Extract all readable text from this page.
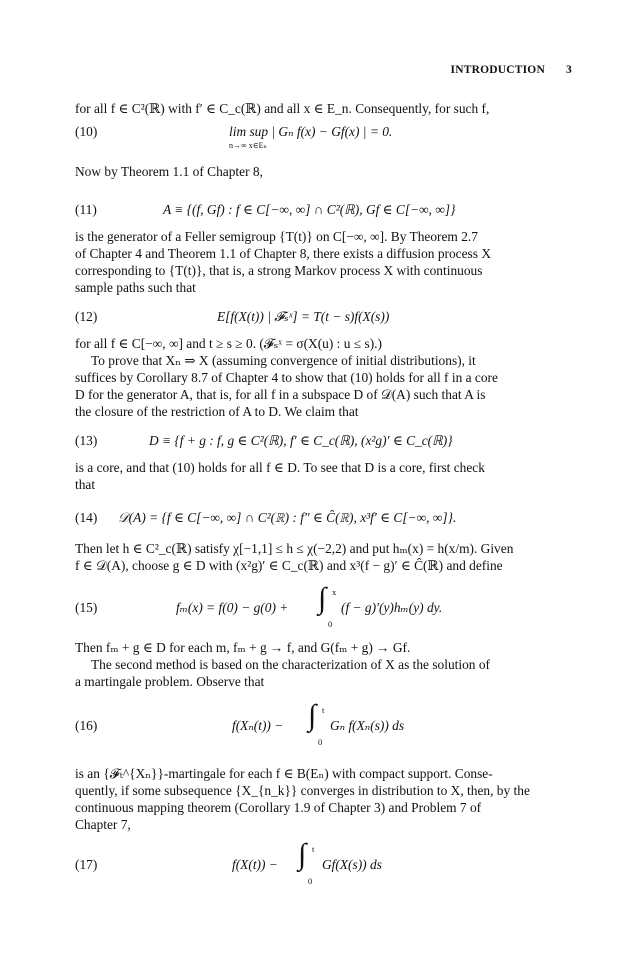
INTRODUCTION 3
for all f ∈ C²(ℝ) with f′ ∈ C_c(ℝ) and all x ∈ E_n. Consequently, for such f,
(10)	lim sup | Gₙ f(x) − Gf(x) | = 0.
n→∞ x∈Eₙ
Now by Theorem 1.1 of Chapter 8,
(11)	A ≡ {(f, Gf) : f ∈ C[−∞, ∞] ∩ C²(ℝ), Gf ∈ C[−∞, ∞]}
is the generator of a Feller semigroup {T(t)} on C[−∞, ∞]. By Theorem 2.7
of Chapter 4 and Theorem 1.1 of Chapter 8, there exists a diffusion process X
corresponding to {T(t)}, that is, a strong Markov process X with continuous
sample paths such that
(12)	E[f(X(t)) | 𝓕ₛˣ] = T(t − s)f(X(s))
for all f ∈ C[−∞, ∞] and t ≥ s ≥ 0. (𝓕ₛˣ = σ(X(u) : u ≤ s).)
To prove that Xₙ ⇒ X (assuming convergence of initial distributions), it
suffices by Corollary 8.7 of Chapter 4 to show that (10) holds for all f in a core
D for the generator A, that is, for all f in a subspace D of 𝒟(A) such that A is
the closure of the restriction of A to D. We claim that
(13)	D ≡ {f + g : f, g ∈ C²(ℝ), f′ ∈ C_c(ℝ), (x²g)′ ∈ C_c(ℝ)}
is a core, and that (10) holds for all f ∈ D. To see that D is a core, first check
that
(14) 𝒟(A) = {f ∈ C[−∞, ∞] ∩ C²(ℝ) : f″ ∈ Ĉ(ℝ), x³f′ ∈ C[−∞, ∞]}.
Then let h ∈ C²_c(ℝ) satisfy χ[−1,1] ≤ h ≤ χ(−2,2) and put hₘ(x) = h(x/m). Given
f ∈ 𝒟(A), choose g ∈ D with (x²g)′ ∈ C_c(ℝ) and x³(f − g)′ ∈ Ĉ(ℝ) and define
(15)	fₘ(x) = f(0) − g(0) + ∫ x
0
(f − g)′(y)hₘ(y) dy.
Then fₘ + g ∈ D for each m, fₘ + g → f, and G(fₘ + g) → Gf.
The second method is based on the characterization of X as the solution of
a martingale problem. Observe that
(16)	f(Xₙ(t)) − ∫ t
0
Gₙ f(Xₙ(s)) ds
is an {𝓕ₜ^{Xₙ}}-martingale for each f ∈ B(Eₙ) with compact support. Conse-
quently, if some subsequence {X_{n_k}} converges in distribution to X, then, by the
continuous mapping theorem (Corollary 1.9 of Chapter 3) and Problem 7 of
Chapter 7,
(17)	f(X(t)) − ∫ t
0
Gf(X(s)) ds
